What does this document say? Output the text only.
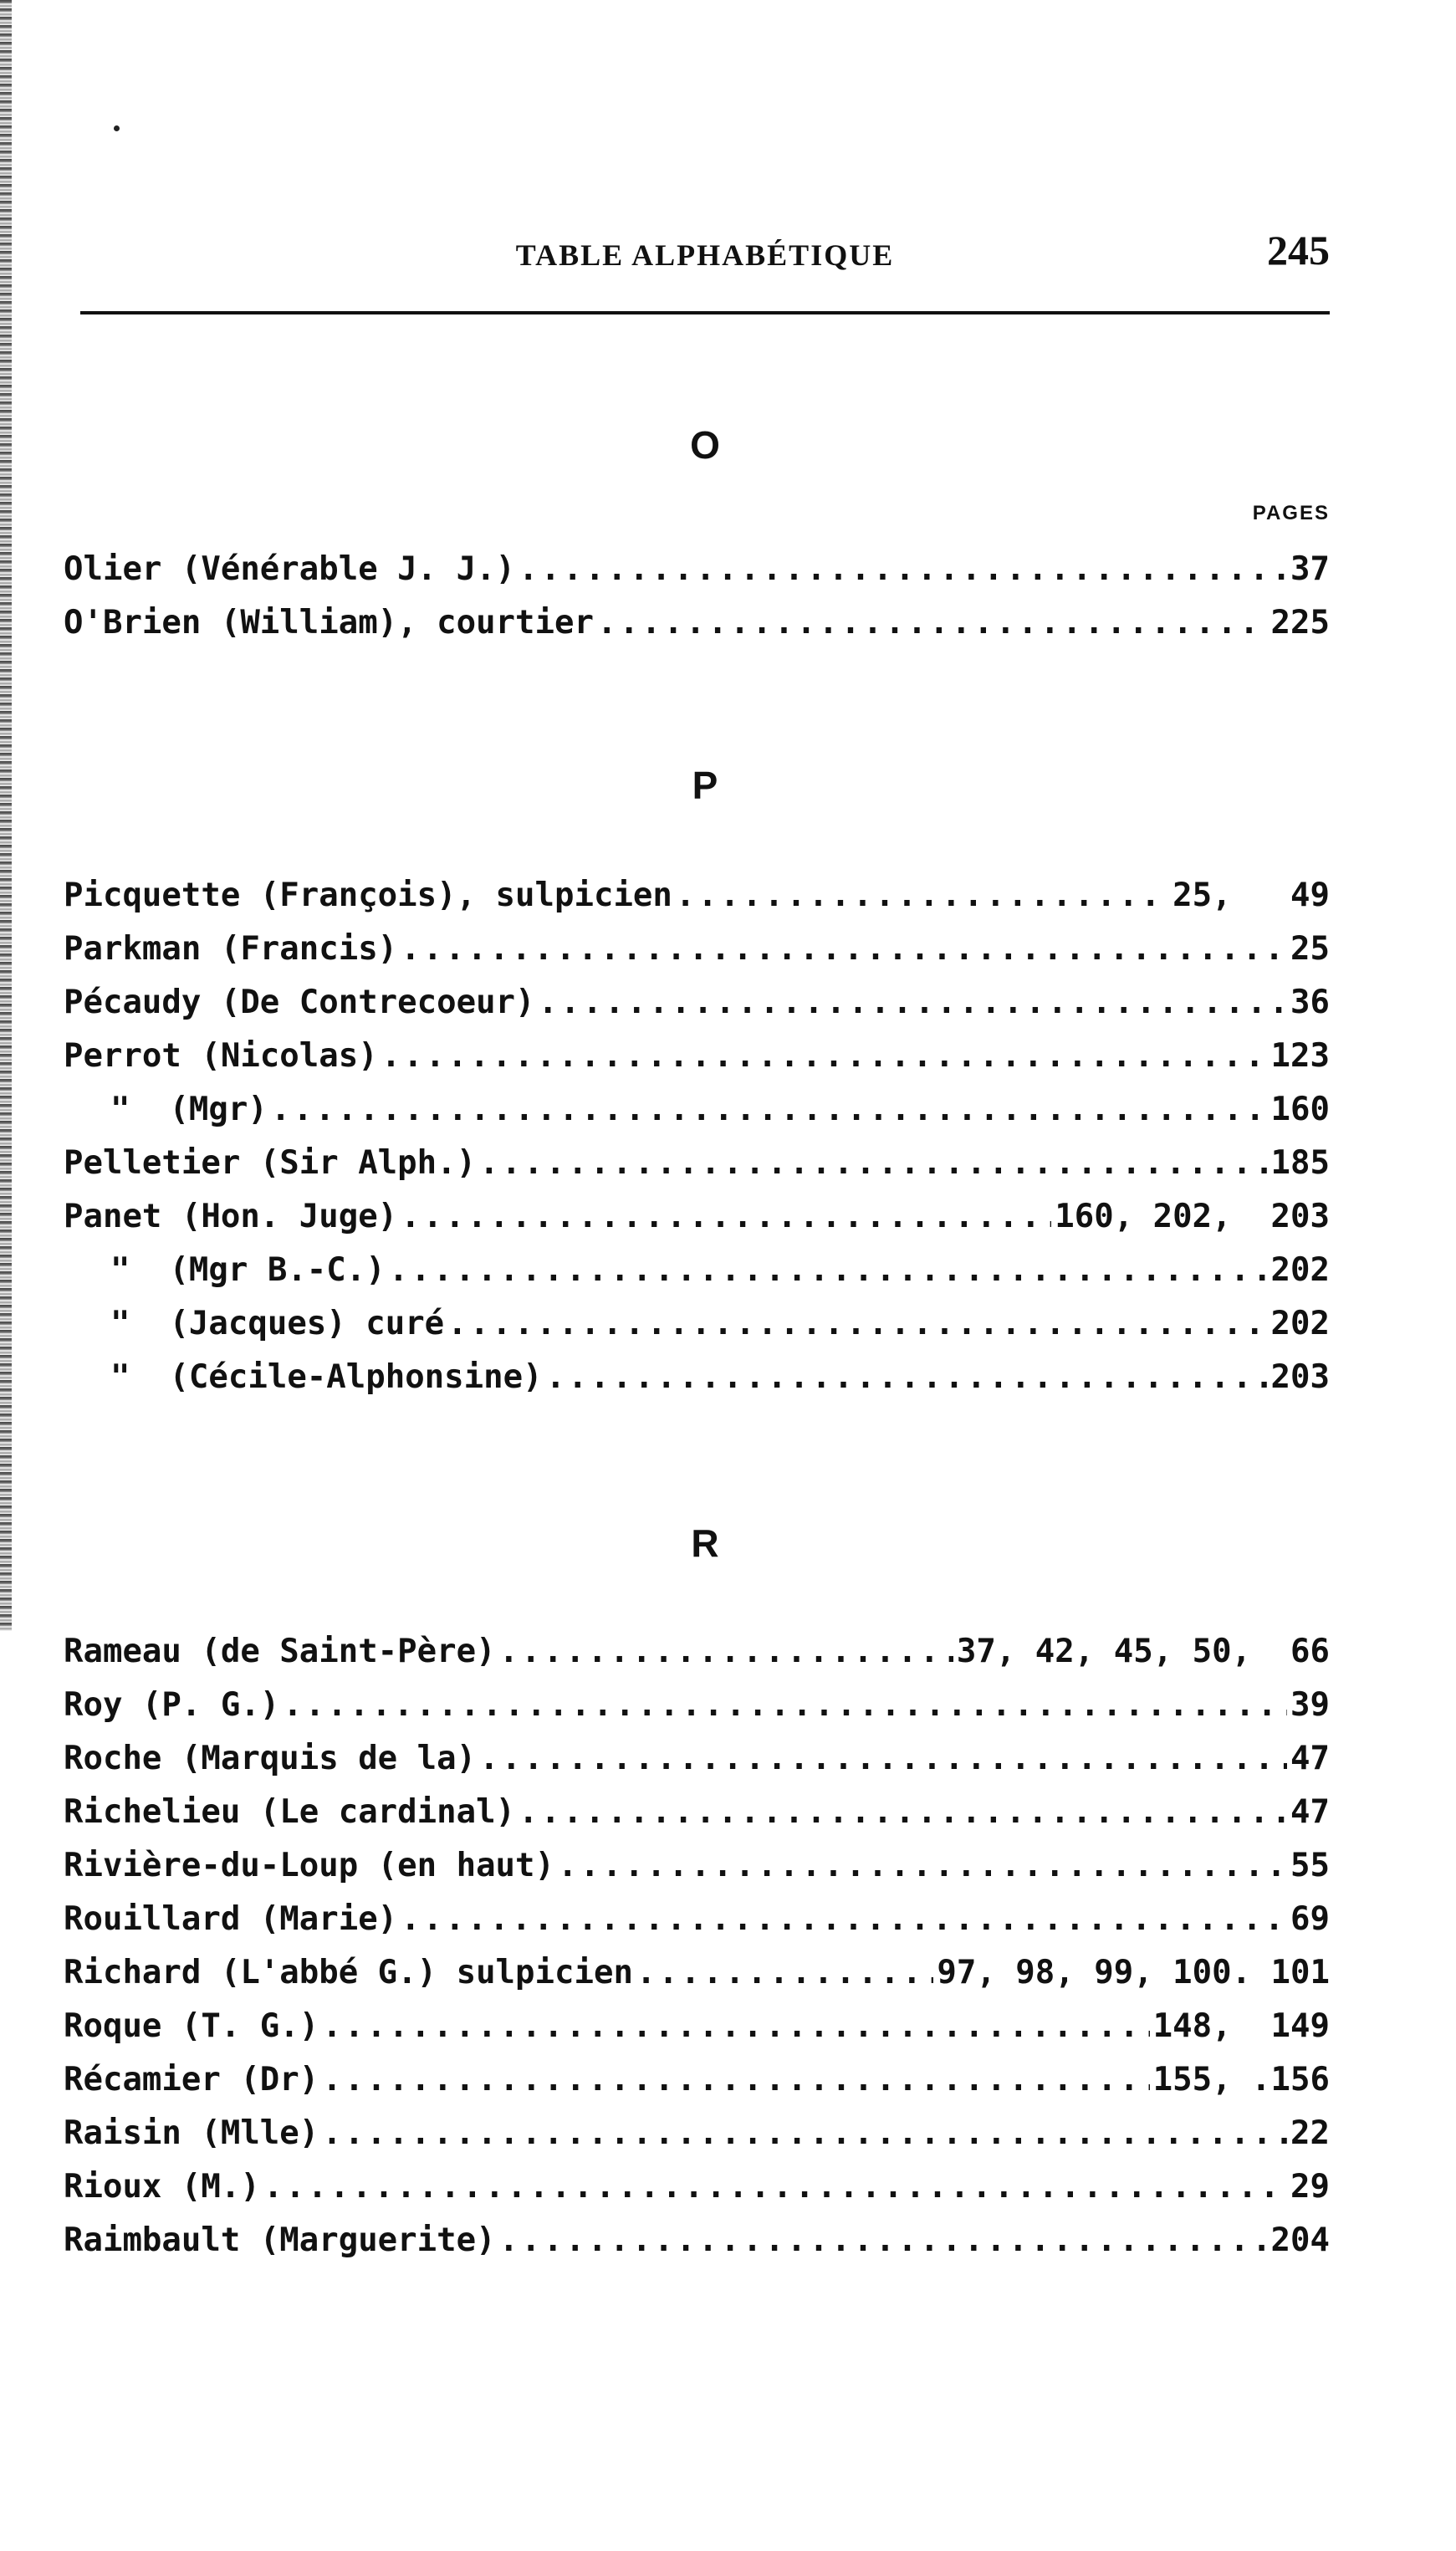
TABLE ALPHABÉTIQUE	245
O
PAGES
Olier (Vénérable J. J.) .....	37
O'Brien (William), courtier .....	225
P
Picquette (François), sulpicien .....	25,   49
Parkman (Francis) .....	25
Pécaudy (De Contrecoeur) .....	36
Perrot (Nicolas) .....	123
"  (Mgr) .....	160
Pelletier (Sir Alph.) .....	185
Panet (Hon. Juge) .....	160, 202,  203
"  (Mgr B.-C.) .....	202
"  (Jacques) curé .....	202
"  (Cécile-Alphonsine) .....	203
R
Rameau (de Saint-Père) .....	37, 42, 45, 50,  66
Roy (P. G.) .....	39
Roche (Marquis de la) .....	47
Richelieu (Le cardinal) .....	47
Rivière-du-Loup (en haut) .....	55
Rouillard (Marie) .....	69
Richard (L'abbé G.) sulpicien .....	97, 98, 99, 100. 101
Roque (T. G.) .....	148,  149
Récamier (Dr) .....	155, .156
Raisin (Mlle) .....	22
Rioux (M.) .....	29
Raimbault (Marguerite) .....	204
